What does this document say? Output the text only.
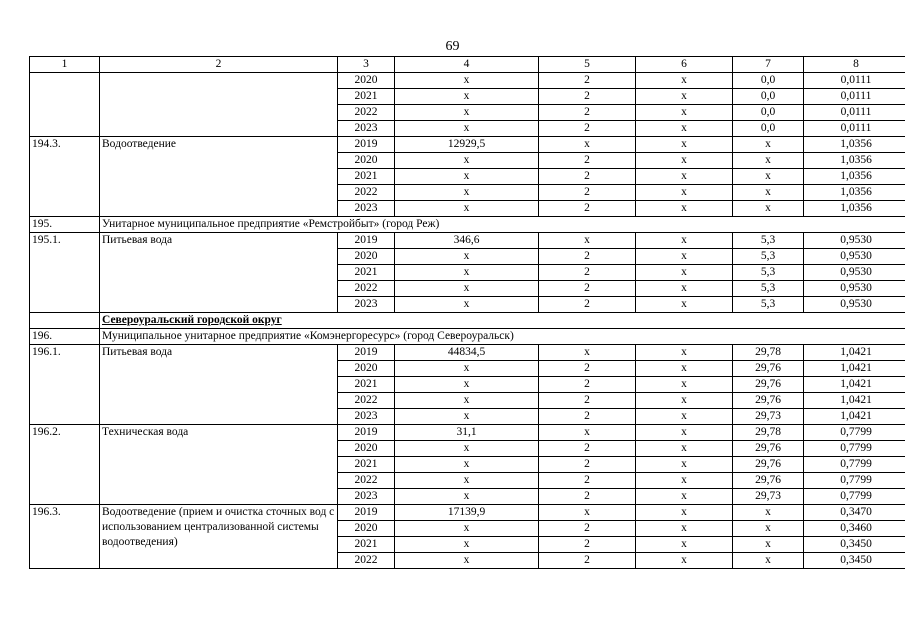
69
1	2	3	4	5	6	7	8
		2020	x	2	x	0,0	0,0111
		2021	x	2	x	0,0	0,0111
		2022	x	2	x	0,0	0,0111
		2023	x	2	x	0,0	0,0111
194.3.	Водоотведение	2019	12929,5	x	x	x	1,0356
		2020	x	2	x	x	1,0356
		2021	x	2	x	x	1,0356
		2022	x	2	x	x	1,0356
		2023	x	2	x	x	1,0356
195.	Унитарное муниципальное предприятие «Ремстройбыт» (город Реж)						
195.1.	Питьевая вода	2019	346,6	x	x	5,3	0,9530
		2020	x	2	x	5,3	0,9530
		2021	x	2	x	5,3	0,9530
		2022	x	2	x	5,3	0,9530
		2023	x	2	x	5,3	0,9530
	Североуральский городской округ						
196.	Муниципальное унитарное предприятие «Комэнергоресурс» (город Североуральск)						
196.1.	Питьевая вода	2019	44834,5	x	x	29,78	1,0421
		2020	x	2	x	29,76	1,0421
		2021	x	2	x	29,76	1,0421
		2022	x	2	x	29,76	1,0421
		2023	x	2	x	29,73	1,0421
196.2.	Техническая вода	2019	31,1	x	x	29,78	0,7799
		2020	x	2	x	29,76	0,7799
		2021	x	2	x	29,76	0,7799
		2022	x	2	x	29,76	0,7799
		2023	x	2	x	29,73	0,7799
196.3.	Водоотведение (прием и очистка сточных вод с использованием централизованной системы водоотведения)	2019	17139,9	x	x	x	0,3470
		2020	x	2	x	x	0,3460
		2021	x	2	x	x	0,3450
		2022	x	2	x	x	0,3450
